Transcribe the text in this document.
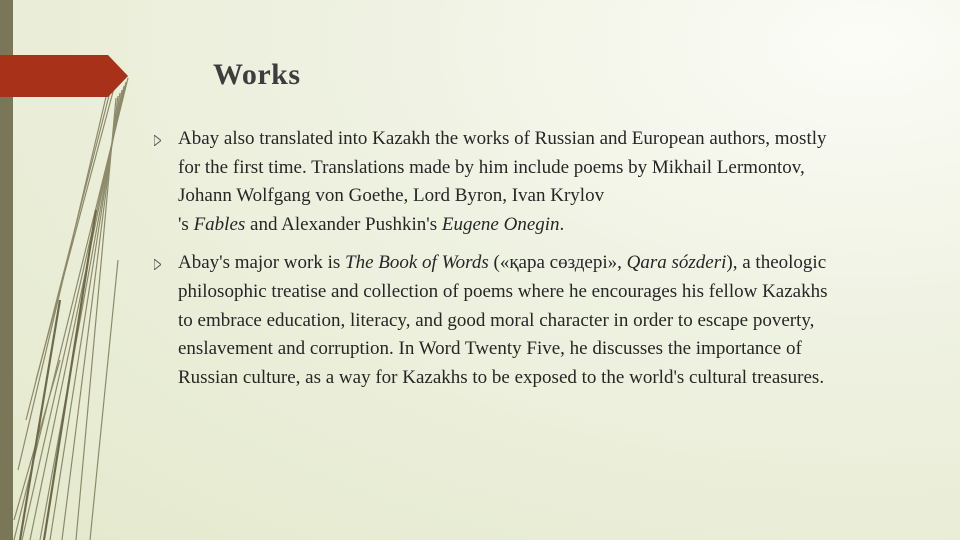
Works

Abay also translated into Kazakh the works of Russian and European authors, mostly for the first time. Translations made by him include poems by Mikhail Lermontov,
Johann Wolfgang von Goethe, Lord Byron, Ivan Krylov
's Fables and Alexander Pushkin's Eugene Onegin.

Abay's major work is The Book of Words («қара сөздері», Qara sózderi), a theologic philosophic treatise and collection of poems where he encourages his fellow Kazakhs to embrace education, literacy, and good moral character in order to escape poverty, enslavement and corruption. In Word Twenty Five, he discusses the importance of Russian culture, as a way for Kazakhs to be exposed to the world's cultural treasures.
